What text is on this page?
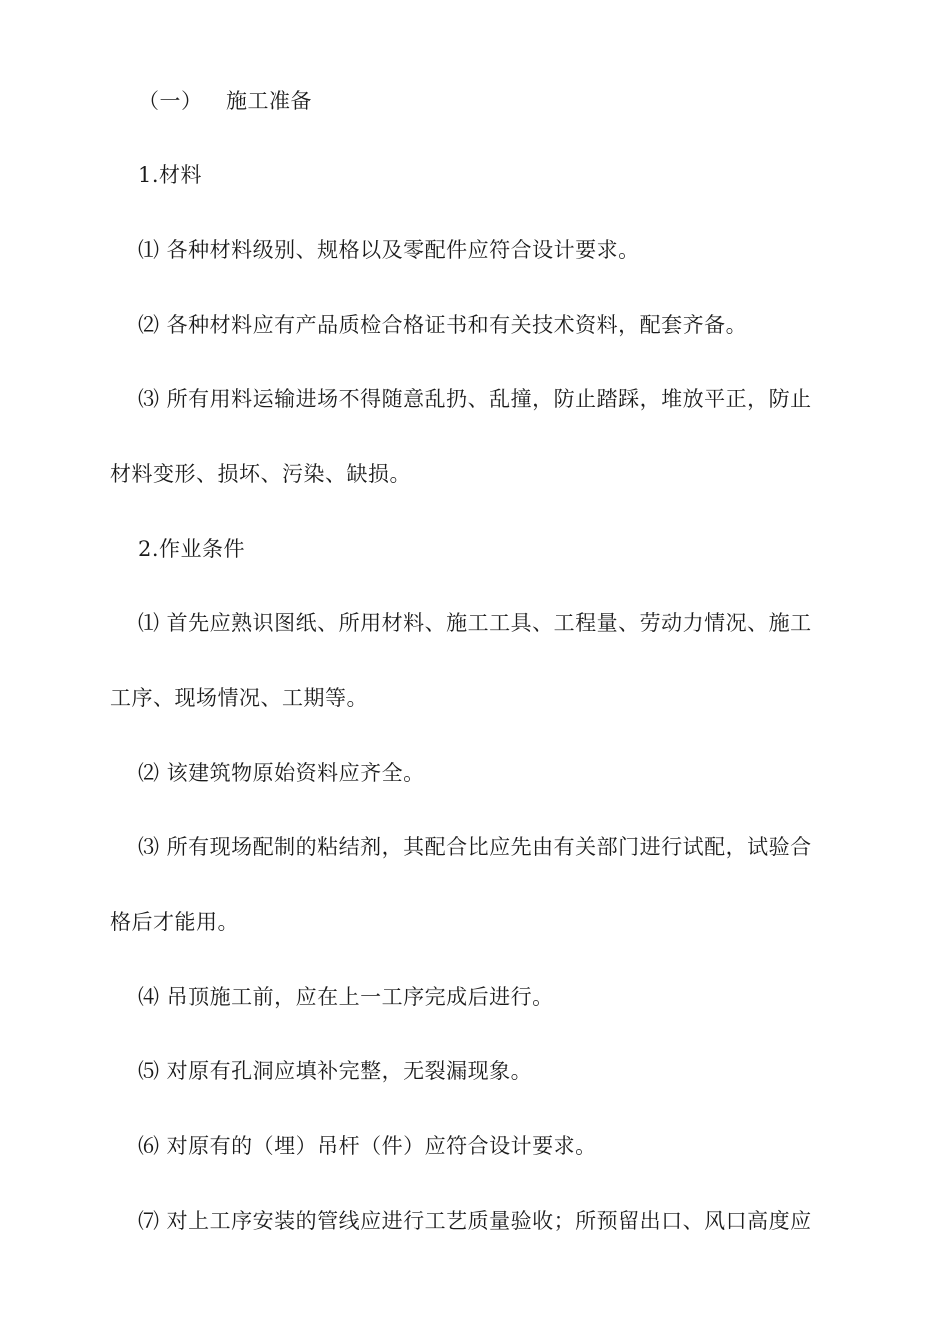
（一） 施工准备
1.材料
⑴ 各种材料级别、规格以及零配件应符合设计要求。
⑵ 各种材料应有产品质检合格证书和有关技术资料，配套齐备。
⑶ 所有用料运输进场不得随意乱扔、乱撞，防止踏踩，堆放平正，防止
材料变形、损坏、污染、缺损。
2.作业条件
⑴ 首先应熟识图纸、所用材料、施工工具、工程量、劳动力情况、施工
工序、现场情况、工期等。
⑵ 该建筑物原始资料应齐全。
⑶ 所有现场配制的粘结剂，其配合比应先由有关部门进行试配，试验合
格后才能用。
⑷ 吊顶施工前，应在上一工序完成后进行。
⑸ 对原有孔洞应填补完整，无裂漏现象。
⑹ 对原有的（埋）吊杆（件）应符合设计要求。
⑺ 对上工序安装的管线应进行工艺质量验收；所预留出口、风口高度应
